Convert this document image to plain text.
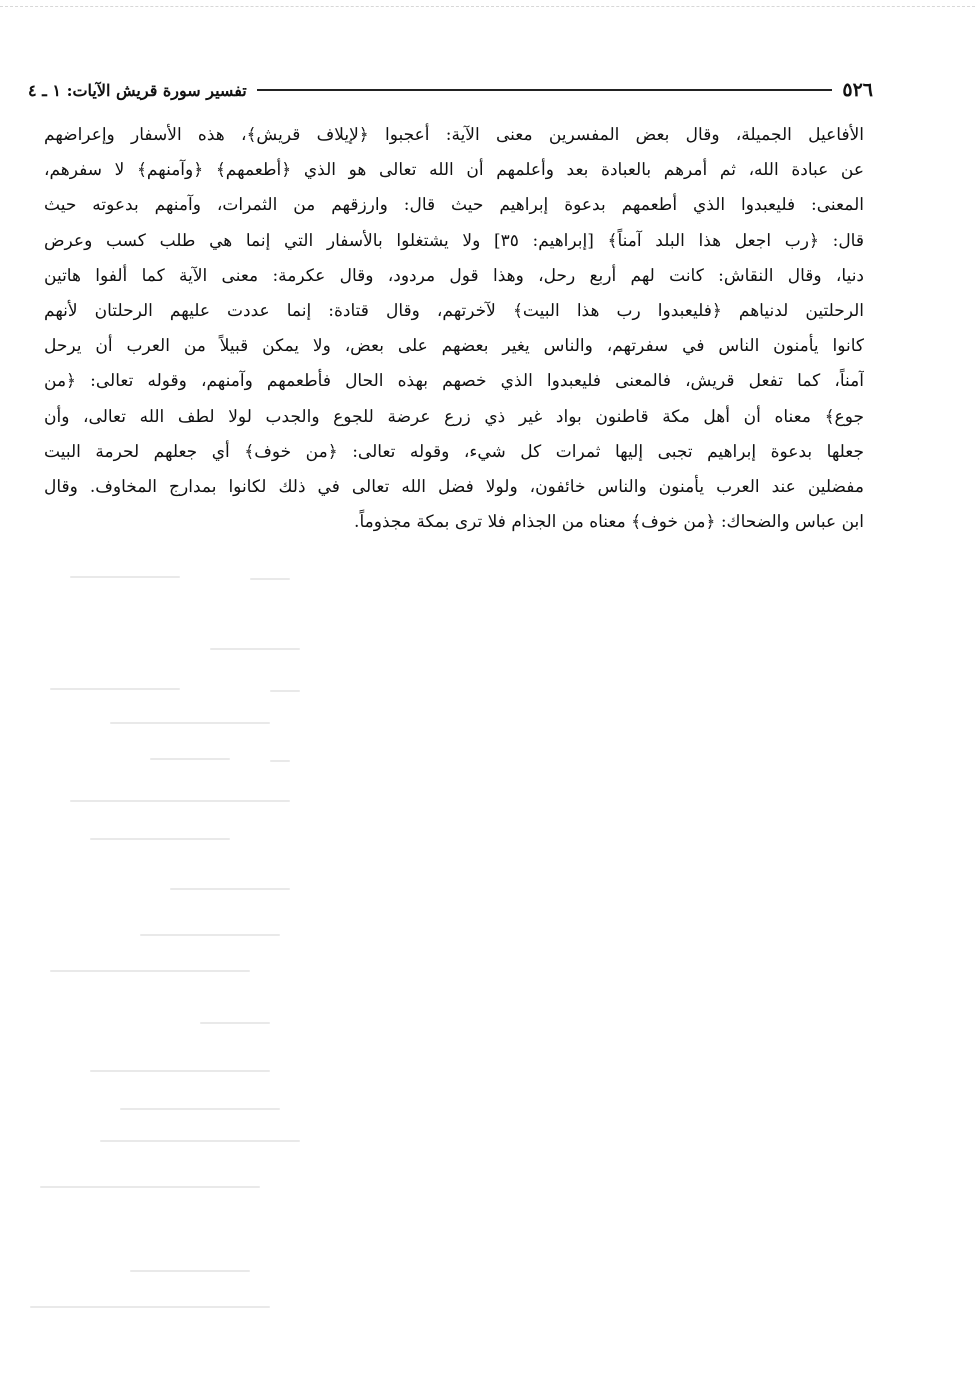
٥٢٦
تفسير سورة قريش الآيات: ١ ـ ٤
الأفاعيل الجميلة، وقال بعض المفسرين معنى الآية: أعجبوا ﴿لإيلاف قريش﴾، هذه الأسفار وإعراضهم
عن عبادة الله، ثم أمرهم بالعبادة بعد وأعلمهم أن الله تعالى هو الذي ﴿أطعمهم﴾ ﴿وآمنهم﴾ لا سفرهم،
المعنى: فليعبدوا الذي أطعمهم بدعوة إبراهيم حيث قال: وارزقهم من الثمرات، وآمنهم بدعوته حيث
قال: ﴿رب اجعل هذا البلد آمناً﴾ [إبراهيم: ٣٥] ولا يشتغلوا بالأسفار التي إنما هي طلب كسب وعرض
دنيا، وقال النقاش: كانت لهم أربع رحل، وهذا قول مردود، وقال عكرمة: معنى الآية كما ألفوا هاتين
الرحلتين لدنياهم ﴿فليعبدوا رب هذا البيت﴾ لآخرتهم، وقال قتادة: إنما عددت عليهم الرحلتان لأنهم
كانوا يأمنون الناس في سفرتهم، والناس يغير بعضهم على بعض، ولا يمكن قبيلاً من العرب أن يرحل
آمناً، كما تفعل قريش، فالمعنى فليعبدوا الذي خصهم بهذه الحال فأطعمهم وآمنهم، وقوله تعالى: ﴿من
جوع﴾ معناه أن أهل مكة قاطنون بواد غير ذي زرع عرضة للجوع والجدب لولا لطف الله تعالى، وأن
جعلها بدعوة إبراهيم تجبى إليها ثمرات كل شيء، وقوله تعالى: ﴿من خوف﴾ أي جعلهم لحرمة البيت
مفضلين عند العرب يأمنون والناس خائفون، ولولا فضل الله تعالى في ذلك لكانوا بمدارج المخاوف. وقال
ابن عباس والضحاك: ﴿من خوف﴾ معناه من الجذام فلا ترى بمكة مجذوماً.
